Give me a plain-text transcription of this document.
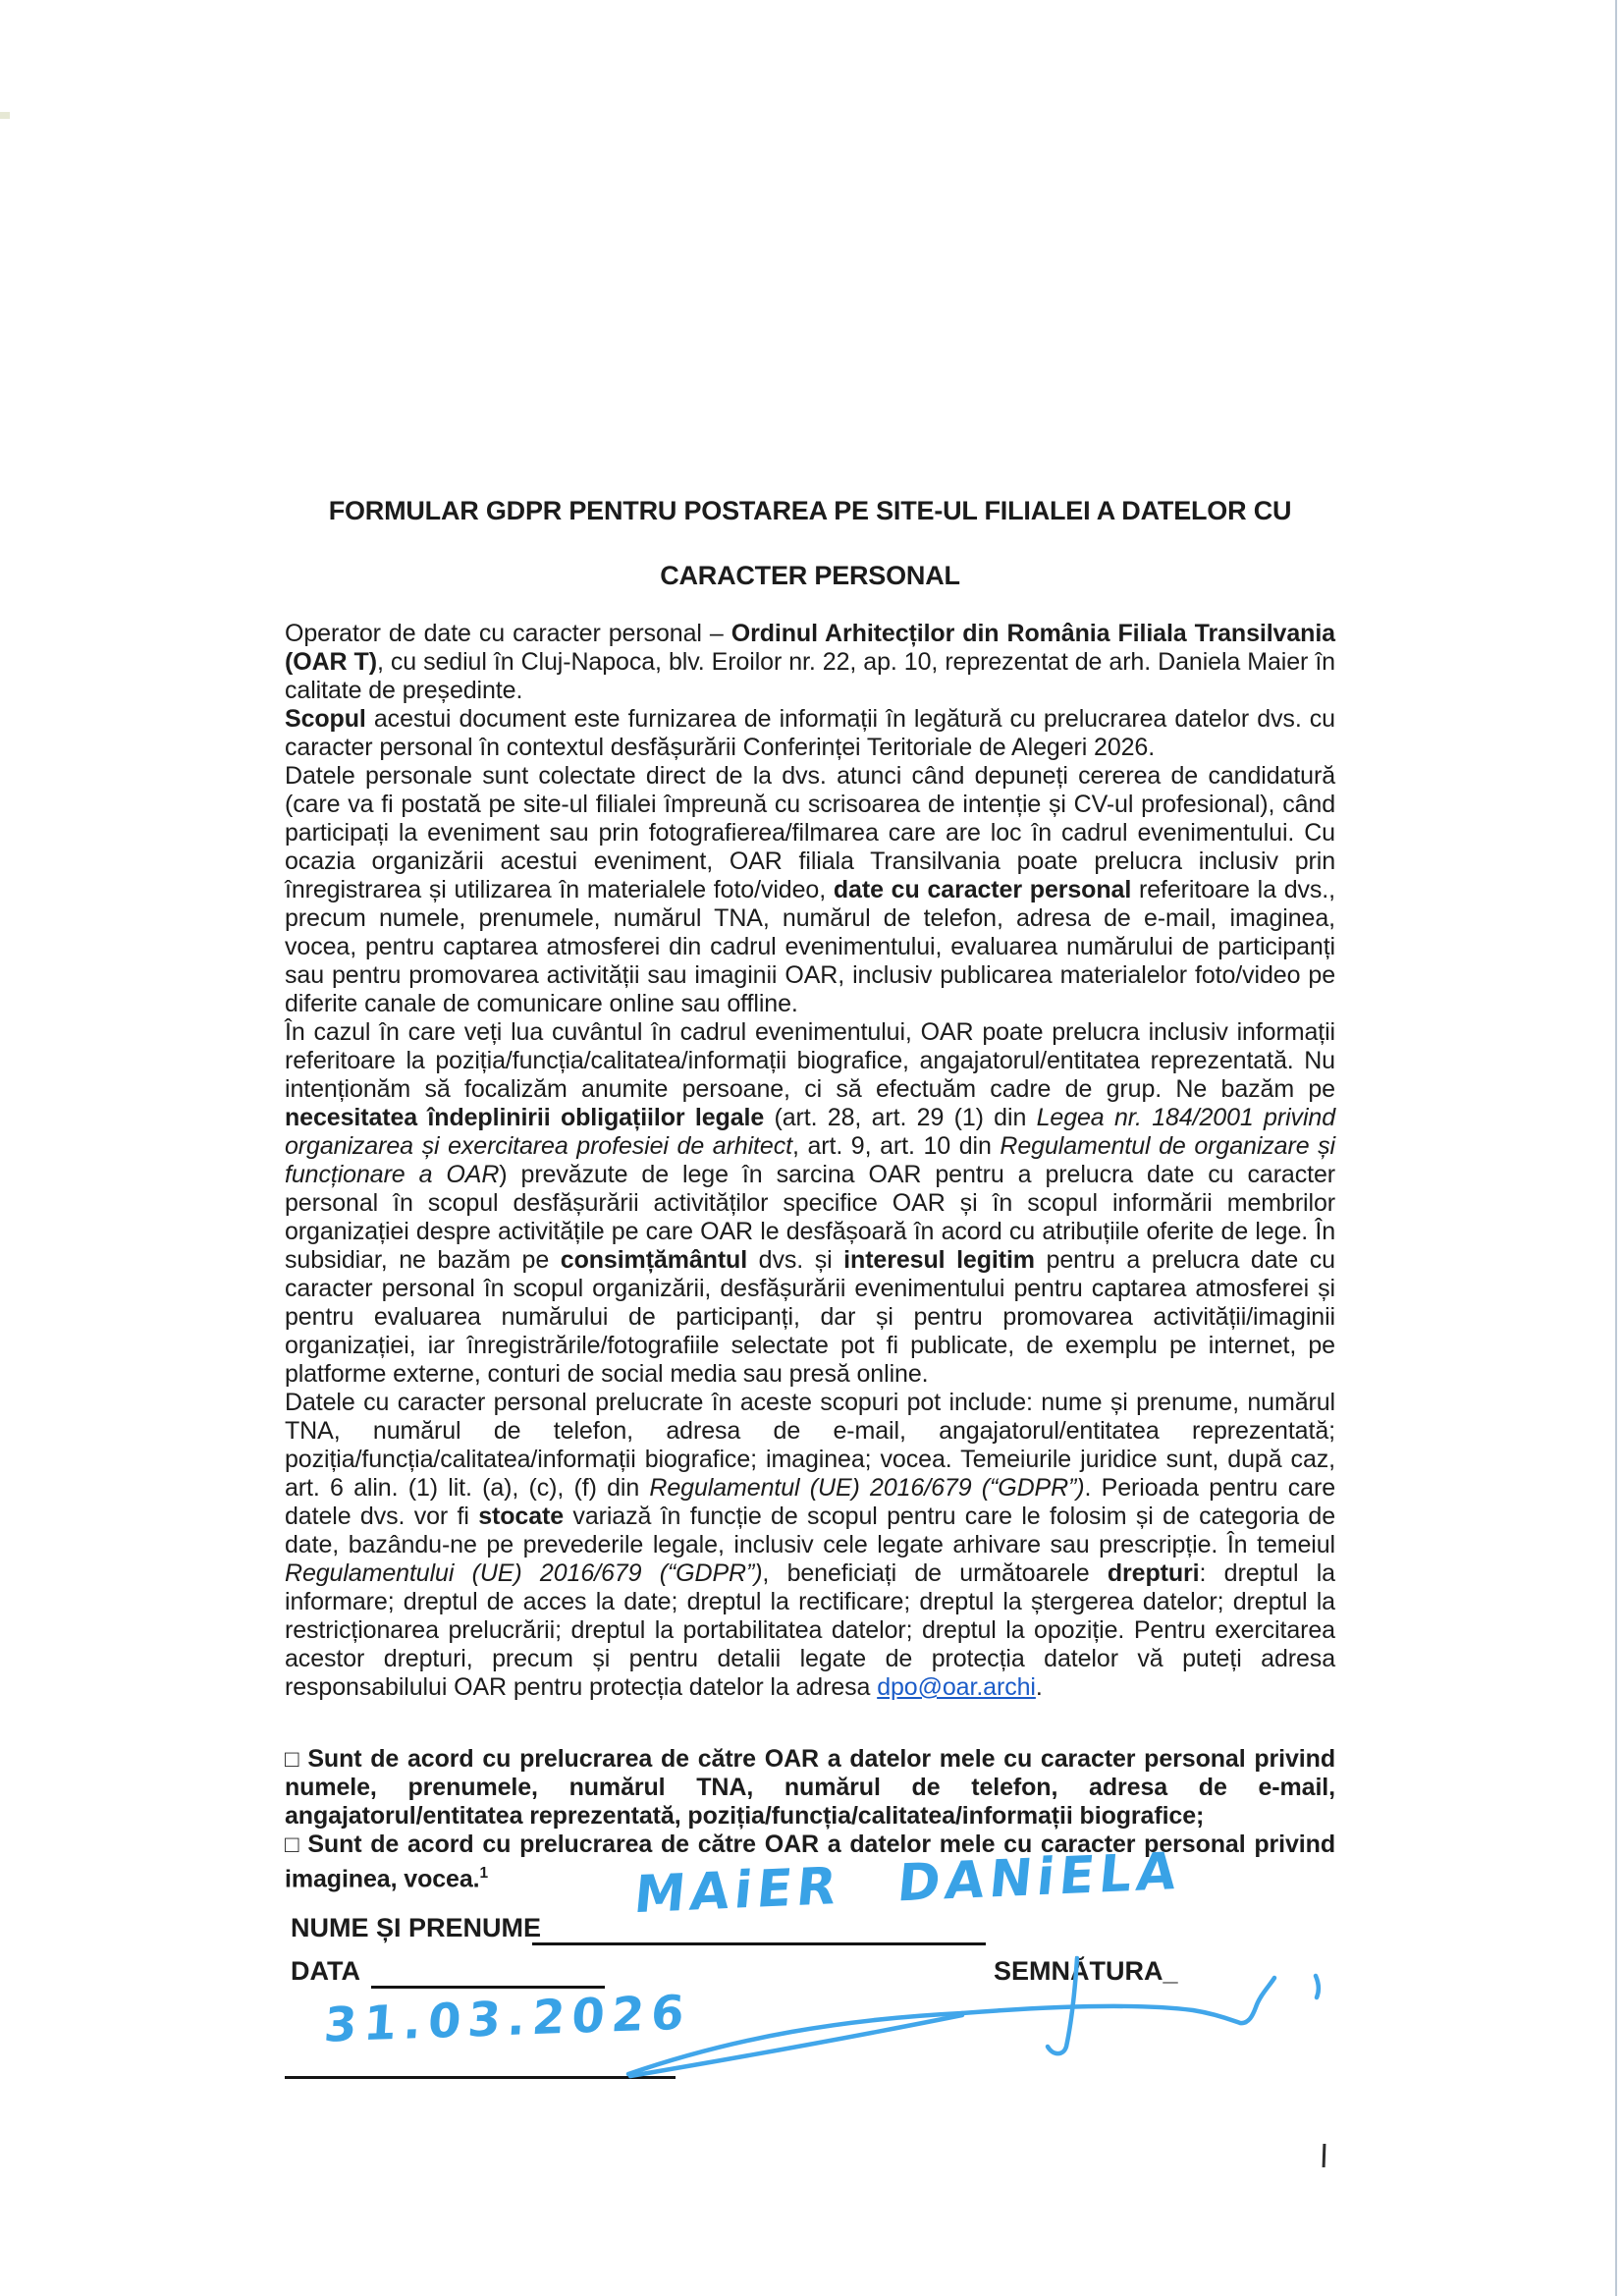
FORMULAR GDPR PENTRU POSTAREA PE SITE-UL FILIALEI A DATELOR CU

CARACTER PERSONAL

Operator de date cu caracter personal – Ordinul Arhitecților din România Filiala Transilvania (OAR T), cu sediul în Cluj-Napoca, blv. Eroilor nr. 22, ap. 10, reprezentat de arh. Daniela Maier în calitate de președinte.

Scopul acestui document este furnizarea de informații în legătură cu prelucrarea datelor dvs. cu caracter personal în contextul desfășurării Conferinței Teritoriale de Alegeri 2026.

Datele personale sunt colectate direct de la dvs. atunci când depuneți cererea de candidatură (care va fi postată pe site-ul filialei împreună cu scrisoarea de intenție și CV-ul profesional), când participați la eveniment sau prin fotografierea/filmarea care are loc în cadrul evenimentului. Cu ocazia organizării acestui eveniment, OAR filiala Transilvania poate prelucra inclusiv prin înregistrarea și utilizarea în materialele foto/video, date cu caracter personal referitoare la dvs., precum numele, prenumele, numărul TNA, numărul de telefon, adresa de e-mail, imaginea, vocea, pentru captarea atmosferei din cadrul evenimentului, evaluarea numărului de participanți sau pentru promovarea activității sau imaginii OAR, inclusiv publicarea materialelor foto/video pe diferite canale de comunicare online sau offline.

În cazul în care veți lua cuvântul în cadrul evenimentului, OAR poate prelucra inclusiv informații referitoare la poziția/funcția/calitatea/informații biografice, angajatorul/entitatea reprezentată. Nu intenționăm să focalizăm anumite persoane, ci să efectuăm cadre de grup. Ne bazăm pe necesitatea îndeplinirii obligațiilor legale (art. 28, art. 29 (1) din Legea nr. 184/2001 privind organizarea și exercitarea profesiei de arhitect, art. 9, art. 10 din Regulamentul de organizare și funcționare a OAR) prevăzute de lege în sarcina OAR pentru a prelucra date cu caracter personal în scopul desfășurării activităților specifice OAR și în scopul informării membrilor organizației despre activitățile pe care OAR le desfășoară în acord cu atribuțiile oferite de lege. În subsidiar, ne bazăm pe consimțământul dvs. și interesul legitim pentru a prelucra date cu caracter personal în scopul organizării, desfășurării evenimentului pentru captarea atmosferei și pentru evaluarea numărului de participanți, dar și pentru promovarea activității/imaginii organizației, iar înregistrările/fotografiile selectate pot fi publicate, de exemplu pe internet, pe platforme externe, conturi de social media sau presă online.

Datele cu caracter personal prelucrate în aceste scopuri pot include: nume și prenume, numărul TNA, numărul de telefon, adresa de e-mail, angajatorul/entitatea reprezentată; poziția/funcția/calitatea/informații biografice; imaginea; vocea. Temeiurile juridice sunt, după caz, art. 6 alin. (1) lit. (a), (c), (f) din Regulamentul (UE) 2016/679 (“GDPR”). Perioada pentru care datele dvs. vor fi stocate variază în funcție de scopul pentru care le folosim și de categoria de date, bazându-ne pe prevederile legale, inclusiv cele legate arhivare sau prescripție. În temeiul Regulamentului (UE) 2016/679 (“GDPR”), beneficiați de următoarele drepturi: dreptul la informare; dreptul de acces la date; dreptul la rectificare; dreptul la ștergerea datelor; dreptul la restricționarea prelucrării; dreptul la portabilitatea datelor; dreptul la opoziție. Pentru exercitarea acestor drepturi, precum și pentru detalii legate de protecția datelor vă puteți adresa responsabilului OAR pentru protecția datelor la adresa dpo@oar.archi.

□ Sunt de acord cu prelucrarea de către OAR a datelor mele cu caracter personal privind numele, prenumele, numărul TNA, numărul de telefon, adresa de e-mail, angajatorul/entitatea reprezentată, poziția/funcția/calitatea/informații biografice;

□ Sunt de acord cu prelucrarea de către OAR a datelor mele cu caracter personal privind imaginea, vocea.$^1$

NUME ȘI PRENUME
DATA	SEMNĂTURA_
MAiER DANiELA
31.03.2026
